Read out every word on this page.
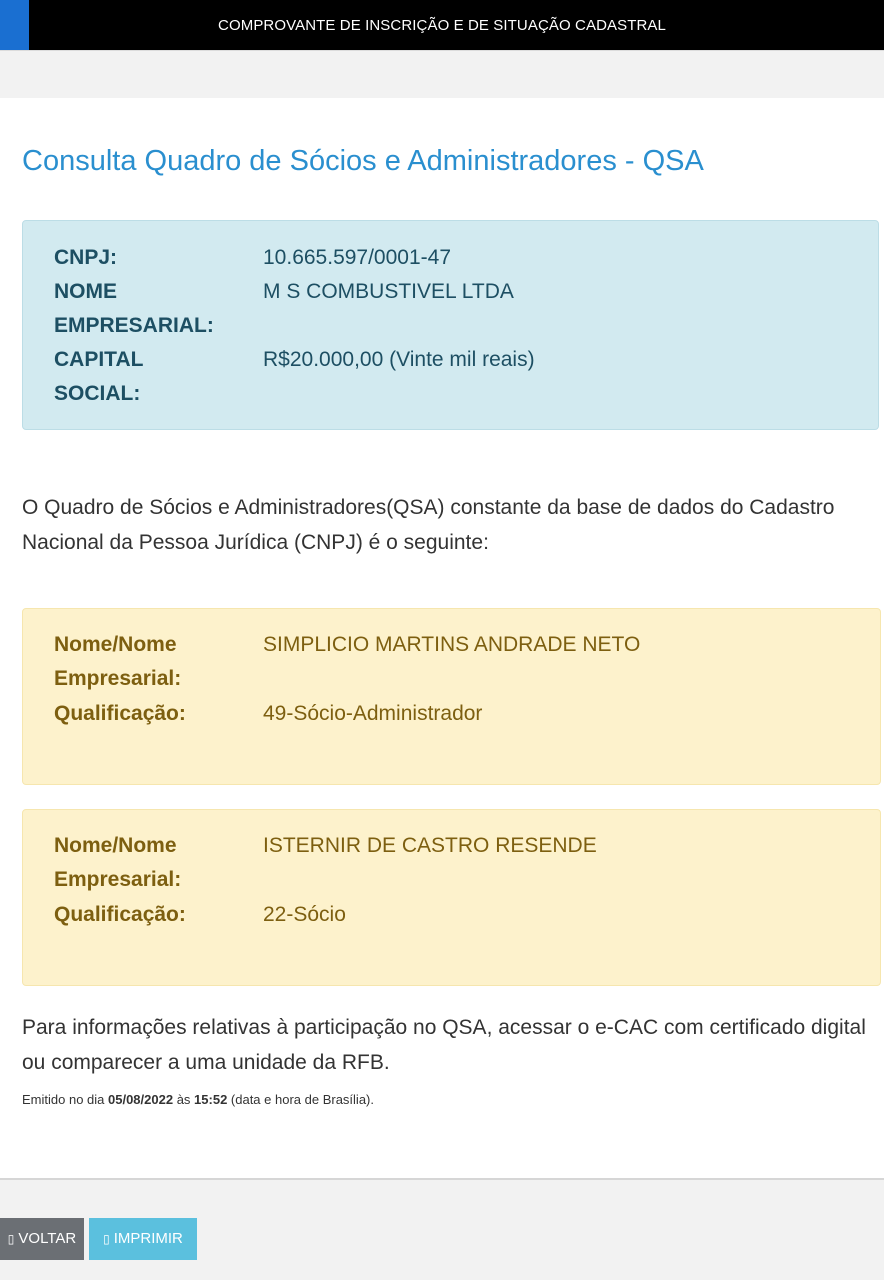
COMPROVANTE DE INSCRIÇÃO E DE SITUAÇÃO CADASTRAL
Consulta Quadro de Sócios e Administradores - QSA
CNPJ:	10.665.597/0001-47
NOME
EMPRESARIAL:
M S COMBUSTIVEL LTDA
CAPITAL
SOCIAL:
R$20.000,00 (Vinte mil reais)

O Quadro de Sócios e Administradores(QSA) constante da base de dados do Cadastro Nacional da Pessoa Jurídica (CNPJ) é o seguinte:

Nome/Nome
Empresarial:
SIMPLICIO MARTINS ANDRADE NETO
Qualificação:	49-Sócio-Administrador
Nome/Nome
Empresarial:
ISTERNIR DE CASTRO RESENDE
Qualificação:	22-Sócio

Para informações relativas à participação no QSA, acessar o e-CAC com certificado digital ou comparecer a uma unidade da RFB.

Emitido no dia 05/08/2022 às 15:52 (data e hora de Brasília).
▯ VOLTAR	▯ IMPRIMIR
